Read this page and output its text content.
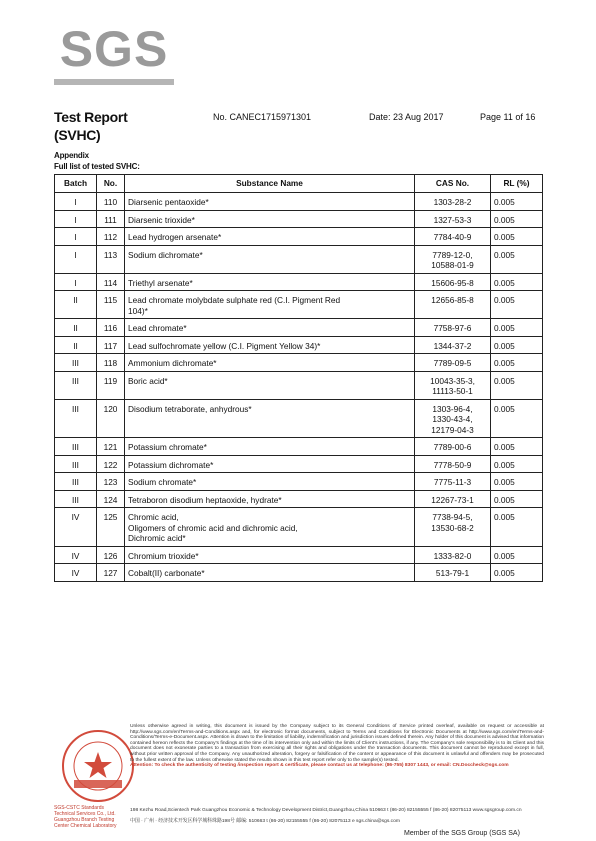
SGS
Test Report
(SVHC)
No. CANEC1715971301	Date: 23 Aug 2017	Page 11 of 16
Appendix
Full list of tested SVHC:
Batch	No.	Substance Name	CAS No.	RL (%)
I	110	Diarsenic pentaoxide*	1303-28-2	0.005
I	111	Diarsenic trioxide*	1327-53-3	0.005
I	112	Lead hydrogen arsenate*	7784-40-9	0.005
I	113	Sodium dichromate*	7789-12-0,
10588-01-9	0.005
I	114	Triethyl arsenate*	15606-95-8	0.005
II	115	Lead chromate molybdate sulphate red (C.I. Pigment Red
104)*	12656-85-8	0.005
II	116	Lead chromate*	7758-97-6	0.005
II	117	Lead sulfochromate yellow (C.I. Pigment Yellow 34)*	1344-37-2	0.005
III	118	Ammonium dichromate*	7789-09-5	0.005
III	119	Boric acid*	10043-35-3,
11113-50-1	0.005
III	120	Disodium tetraborate, anhydrous*	1303-96-4,
1330-43-4,
12179-04-3	0.005
III	121	Potassium chromate*	7789-00-6	0.005
III	122	Potassium dichromate*	7778-50-9	0.005
III	123	Sodium chromate*	7775-11-3	0.005
III	124	Tetraboron disodium heptaoxide, hydrate*	12267-73-1	0.005
IV	125	Chromic acid,
Oligomers of chromic acid and dichromic acid,
Dichromic acid*	7738-94-5,
13530-68-2	0.005
IV	126	Chromium trioxide*	1333-82-0	0.005
IV	127	Cobalt(II) carbonate*	513-79-1	0.005
SGS-CSTC Standards Technical Services Co., Ltd. Guangzhou Branch Testing Center Chemical Laboratory
Unless otherwise agreed in writing, this document is issued by the Company subject to its General Conditions of Service printed overleaf, available on request or accessible at http://www.sgs.com/en/Terms-and-Conditions.aspx and, for electronic format documents, subject to Terms and Conditions for Electronic Documents at http://www.sgs.com/en/Terms-and-Conditions/Terms-e-Document.aspx. Attention is drawn to the limitation of liability, indemnification and jurisdiction issues defined therein. Any holder of this document is advised that information contained hereon reflects the Company's findings at the time of its intervention only and within the limits of Client's instructions, if any. The Company's sole responsibility is to its Client and this document does not exonerate parties to a transaction from exercising all their rights and obligations under the transaction documents. This document cannot be reproduced except in full, without prior written approval of the Company. Any unauthorized alteration, forgery or falsification of the content or appearance of this document is unlawful and offenders may be prosecuted to the fullest extent of the law. Unless otherwise stated the results shown in this test report refer only to the sample(s) tested.
Attention: To check the authenticity of testing /inspection report & certificate, please contact us at telephone: (86-755) 8307 1443, or email: CN.Doccheck@sgs.com
198 Kezhu Road,Scientech Park Guangzhou Economic & Technology Development District,Guangzhou,China 510663 t (86-20) 82155555 f (86-20) 82075113 www.sgsgroup.com.cn
中国 · 广州 · 经济技术开发区科学城科珠路198号 邮编: 510663 t (86-20) 82155555 f (86-20) 82075113 e sgs.china@sgs.com
Member of the SGS Group (SGS SA)
